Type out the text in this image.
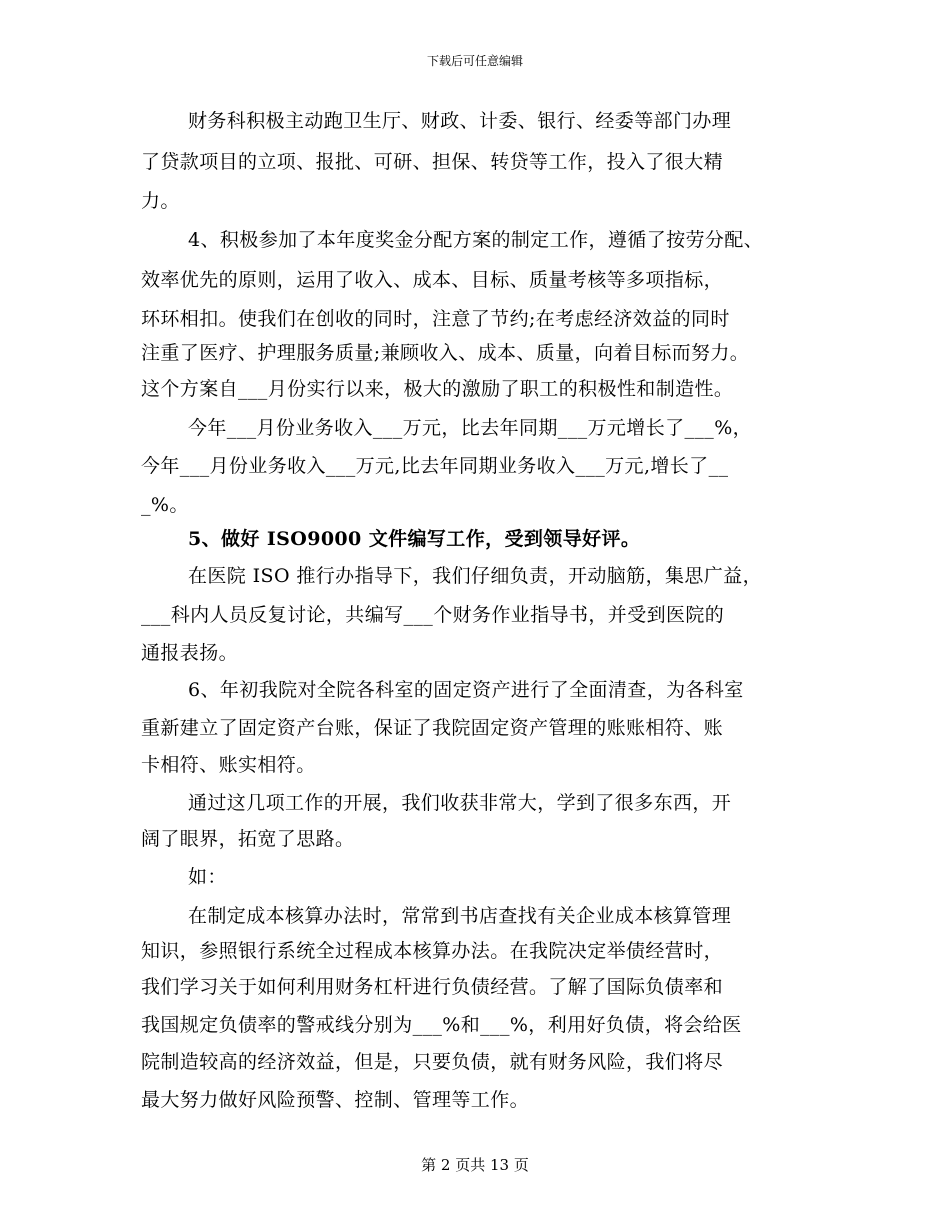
下载后可任意编辑
财务科积极主动跑卫生厅、财政、计委、银行、经委等部门办理
了贷款项目的立项、报批、可研、担保、转贷等工作，投入了很大精
力。
4、积极参加了本年度奖金分配方案的制定工作，遵循了按劳分配、
效率优先的原则，运用了收入、成本、目标、质量考核等多项指标，
环环相扣。使我们在创收的同时，注意了节约;在考虑经济效益的同时
注重了医疗、护理服务质量;兼顾收入、成本、质量，向着目标而努力。
这个方案自___月份实行以来，极大的激励了职工的积极性和制造性。
今年___月份业务收入___万元，比去年同期___万元增长了___%，
今年___月份业务收入___万元,比去年同期业务收入___万元,增长了__
_%。
5、做好 ISO9000 文件编写工作，受到领导好评。
在医院 ISO 推行办指导下，我们仔细负责，开动脑筋，集思广益，
___科内人员反复讨论，共编写___个财务作业指导书，并受到医院的
通报表扬。
6、年初我院对全院各科室的固定资产进行了全面清查，为各科室
重新建立了固定资产台账，保证了我院固定资产管理的账账相符、账
卡相符、账实相符。
通过这几项工作的开展，我们收获非常大，学到了很多东西，开
阔了眼界，拓宽了思路。
如：
在制定成本核算办法时，常常到书店查找有关企业成本核算管理
知识，参照银行系统全过程成本核算办法。在我院决定举债经营时，
我们学习关于如何利用财务杠杆进行负债经营。了解了国际负债率和
我国规定负债率的警戒线分别为___%和___%，利用好负债，将会给医
院制造较高的经济效益，但是，只要负债，就有财务风险，我们将尽
最大努力做好风险预警、控制、管理等工作。
第 2 页共 13 页
